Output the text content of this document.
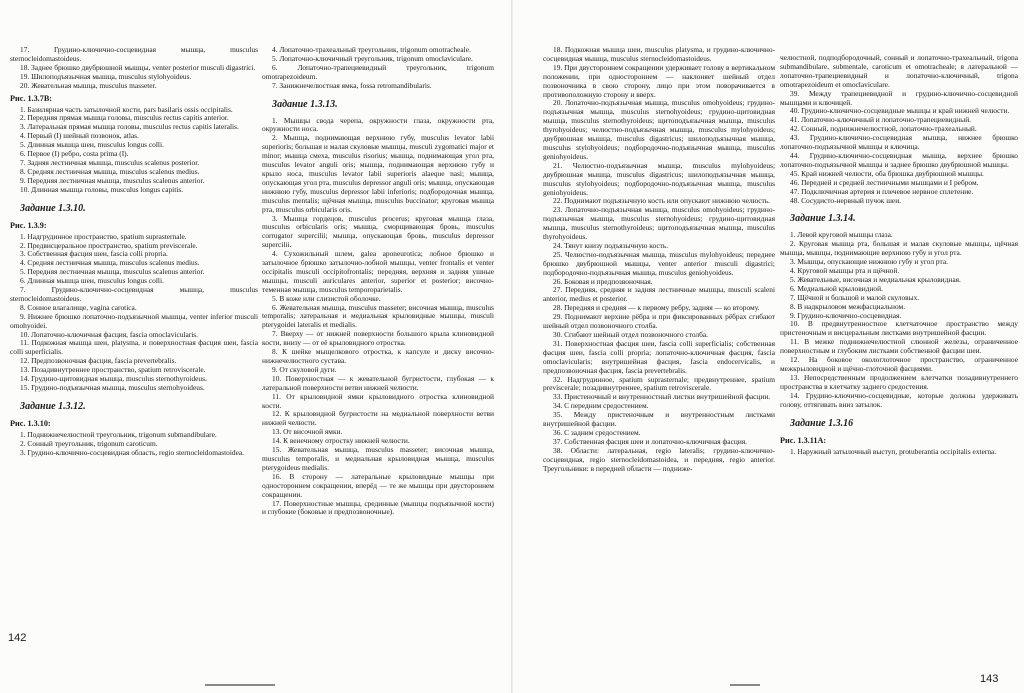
17. Грудино-ключично-сосцевидная мышца, musculus sternocleidomastoideus.

18. Заднее брюшко двубрюшной мышцы, venter posterior musculi digastrici.

19. Шилоподъязычная мышца, musculus stylohyoideus.

20. Жевательная мышца, musculus masseter.

Рис. 1.3.7В:

1. Базилярная часть затылочной кости, pars basilaris ossis occipitalis.

2. Передняя прямая мышца головы, musculus rectus capitis anterior.

3. Латеральная прямая мышца головы, musculus rectus capitis lateralis.

4. Первый (I) шейный позвонок, atlas.

5. Длинная мышца шеи, musculus longus colli.

6. Первое (I) ребро, costa prima (I).

7. Задняя лестничная мышца, musculus scalenus posterior.

8. Средняя лестничная мышца, musculus scalenus medius.

9. Передняя лестничная мышца, musculus scalenus anterior.

10. Длинная мышца головы, musculus longus capitis.

Задание 1.3.10.
Рис. 1.3.9:

1. Надгрудинное пространство, spatium suprasternale.

2. Предвисцеральное пространство, spatium previscerale.

3. Собственная фасция шеи, fascia colli propria.

4. Средняя лестничная мышца, musculus scalenus medius.

5. Передняя лестничная мышца, musculus scalenus anterior.

6. Длинная мышца шеи, musculus longus colli.

7. Грудино-ключично-сосцевидная мышца, musculus sternocleidomastoideus.

8. Сонное влагалище, vagina carotica.

9. Нижнее брюшко лопаточно-подъязычной мышцы, venter inferior musculi omohyoidei.

10. Лопаточно-ключичная фасция, fascia omoclavicularis.

11. Подкожная мышца шеи, platysma, и поверхностная фасция шеи, fascia colli superficialis.

12. Предпозвоночная фасция, fascia prevertebralis.

13. Позадивнутреннее пространство, spatium retroviscerale.

14. Грудино-щитовидная мышца, musculus sternothyroideus.

15. Грудино-подъязычная мышца, musculus sternohyoideus.

Задание 1.3.12.
Рис. 1.3.10:

1. Поднижнечелюстной треугольник, trigonum submandibulare.

2. Сонный треугольник, trigonum caroticum.

3. Грудино-ключично-сосцевидная область, regio sternocleidomastoidea.

4. Лопаточно-трахеальный треугольник, trigonum omotracheale.

5. Лопаточно-ключичный треугольник, trigonum omoclaviculare.

6. Лопаточно-трапециевидный треугольник, trigonum omotrapezoideum.

7. Занижнечелюстная ямка, fossa retromandibularis.

Задание 1.3.13.

1. Мышцы свода черепа, окружности глаза, окружности рта, окружности носа.

2. Мышца, поднимающая верхнюю губу, musculus levator labii superioris; большая и малая скуловые мышцы, musculi zygomatici major et minor; мышца смеха, musculus risorius; мышца, поднимающая угол рта, musculus levator anguli oris; мышца, поднимающая верхнюю губу и крыло носа, musculus levator labii superioris alaeque nasi; мышца, опускающая угол рта, musculus depressor anguli oris; мышца, опускающая нижнюю губу, musculus depressor labii inferioris; подбородочная мышца, musculus mentalis; щёчная мышца, musculus buccinator; круговая мышца рта, musculus orbicularis oris.

3. Мышца гордецов, musculus procerus; круговая мышца глаза, musculus orbicularis oris; мышца, сморщивающая бровь, musculus corrugator supercilii; мышца, опускающая бровь, musculus depressor supercilii.

4. Сухожильный шлем, galea aponeurotica; лобное брюшко и затылочное брюшко затылочно-лобной мышцы, venter frontalis et venter occipitalis musculi occipitofrontalis; передняя, верхняя и задняя ушные мышцы, musculi auriculares anterior, superior et posterior; височно-теменная мышца, musculus temporoparietalis.

5. В коже или слизистой оболочке.

6. Жевательная мышца, musculus masseter; височная мышца, musculus temporalis; латеральная и медиальная крыловидные мышцы, musculi pterygoidei lateralis et medialis.

7. Вверху — от нижней поверхности большого крыла клиновидной кости, внизу — от её крыловидного отростка.

8. К шейке мыщелкового отростка, к капсуле и диску височно-нижнечелюстного сустава.

9. От скуловой дуги.

10. Поверхностная — к жевательной бугристости, глубокая — к латеральной поверхности ветви нижней челюсти.

11. От крыловидной ямки крыловидного отростка клиновидной кости.

12. К крыловидной бугристости на медиальной поверхности ветви нижней челюсти.

13. От височной ямки.

14. К венечному отростку нижней челюсти.

15. Жевательная мышца, musculus masseter; височная мышца, musculus temporalis, и медиальная крыловидная мышца, musculus pterygoideus medialis.

16. В сторону — латеральные крыловидные мышцы при одностороннем сокращении, вперёд — те же мышцы при двустороннем сокращении.

17. Поверхностные мышцы, срединные (мышцы подъязычной кости) и глубокие (боковые и предпозвоночные).

142

18. Подкожная мышца шеи, musculus platysma, и грудино-ключично-сосцевидная мышца, musculus sternocleidomastoideus.

19. При двустороннем сокращении удерживает голову в вертикальном положении, при одностороннем — наклоняет шейный отдел позвоночника в свою сторону, лицо при этом поворачивается в противоположную сторону и вверх.

20. Лопаточно-подъязычная мышца, musculus omohyoideus; грудино-подъязычная мышца, musculus sternohyoideus; грудино-щитовидная мышца, musculus sternothyroideus; щитоподъязычная мышца, musculus thyrohyoideus; челюстно-подъязычная мышца, musculus mylohyoideus; двубрюшная мышца, musculus digastricus; шилоподъязычная мышца, musculus stylohyoideus; подбородочно-подъязычная мышца, musculus geniohyoideus.

21. Челюстно-подъязычная мышца, musculus mylohyoideus; двубрюшная мышца, musculus digastricus; шилоподъязычная мышца, musculus stylohyoideus; подбородочно-подъязычная мышца, musculus geniohyoideus.

22. Поднимают подъязычную кость или опускают нижнюю челюсть.

23. Лопаточно-подъязычная мышца, musculus omohyoideus; грудино-подъязычная мышца, musculus sternohyoideus; грудино-щитовидная мышца, musculus sternothyroideus; щитоподъязычная мышца, musculus thyrohyoideus.

24. Тянут книзу подъязычную кость.

25. Челюстно-подъязычная мышца, musculus mylohyoideus; переднее брюшко двубрюшной мышцы, venter anterior musculi digastrici; подбородочно-подъязычная мышца, musculus geniohyoideus.

26. Боковая и предпозвоночная.

27. Передняя, средняя и задняя лестничные мышцы, musculi scaleni anterior, medius et posterior.

28. Передняя и средняя — к первому ребру, задняя — ко второму.

29. Поднимают верхние рёбра и при фиксированных рёбрах сгибают шейный отдел позвоночного столба.

30. Сгибают шейный отдел позвоночного столба.

31. Поверхностная фасция шеи, fascia colli superficialis; собственная фасция шеи, fascia colli propria; лопаточно-ключичная фасция, fascia omoclavicularis; внутришейная фасция, fascia endocervicalis, и предпозвоночная фасция, fascia prevertebralis.

32. Надгрудинное, spatium suprasternale; предвнутреннее, spatium previscerale; позадивнутреннее, spatium retroviscerale.

33. Пристеночный и внутренностный листки внутришейной фасции.

34. С передним средостением.

35. Между пристеночным и внутренностным листками внутришейной фасции.

36. С задним средостением.

37. Собственная фасция шеи и лопаточно-ключичная фасция.

38. Области: латеральная, regio lateralis; грудино-ключично-сосцевидная, regio sternocleidomastoidea, и передняя, regio anterior. Треугольники: в передней области — подниже-

челюстной, подподбородочный, сонный и лопаточно-трахеальный, trigona submandibulare, submentale, caroticum et omotracheale; в латеральной — лопаточно-трапециевидный и лопаточно-ключичный, trigona omotrapezoideum et omoclaviculare.

39. Между трапециевидной и грудино-ключично-сосцевидной мышцами и ключицей.

40. Грудино-ключично-сосцевидные мышцы и край нижней челюсти.

41. Лопаточно-ключичный и лопаточно-трапециевидный.

42. Сонный, поднижнечелюстной, лопаточно-трахеальный.

43. Грудино-ключично-сосцевидная мышца, нижнее брюшко лопаточно-подъязычной мышцы и ключица.

44. Грудино-ключично-сосцевидная мышца, верхнее брюшко лопаточно-подъязычной мышцы и заднее брюшко двубрюшной мышцы.

45. Край нижней челюсти, оба брюшка двубрюшной мышцы.

46. Передней и средней лестничными мышцами и I ребром.

47. Подключичная артерия и плечевое нервное сплетение.

48. Сосудисто-нервный пучок шеи.

Задание 1.3.14.

1. Левой круговой мышцы глаза.

2. Круговая мышца рта, большая и малая скуловые мышцы, щёчная мышца, мышцы, поднимающие верхнюю губу и угол рта.

3. Мышцы, опускающие нижнюю губу и угол рта.

4. Круговой мышцы рта и щёчной.

5. Жевательные, височная и медиальная крыловидная.

6. Медиальной крыловидной.

7. Щёчной и большой и малой скуловых.

8. В надкрыловом межфасциальном.

9. Грудино-ключично-сосцевидная.

10. В предвнутренностное клетчаточное пространство между пристеночным и висцеральным листками внутришейной фасции.

11. В межке поднижнечелюстной слюнной железы, ограниченное поверхностным и глубоким листками собственной фасции шеи.

12. На боковое окологлоточное пространство, ограниченное межкрыловидной и щёчно-глоточной фасциями.

13. Непосредственным продолжением клетчатки позадивнутреннего пространства в клетчатку заднего средостения.

14. Грудино-ключично-сосцевидные, которые должны удерживать голову, оттягивать вниз затылок.

Задание 1.3.16
Рис. 1.3.11А:

1. Наружный затылочный выступ, protuberantia occipitalis externa.

143
